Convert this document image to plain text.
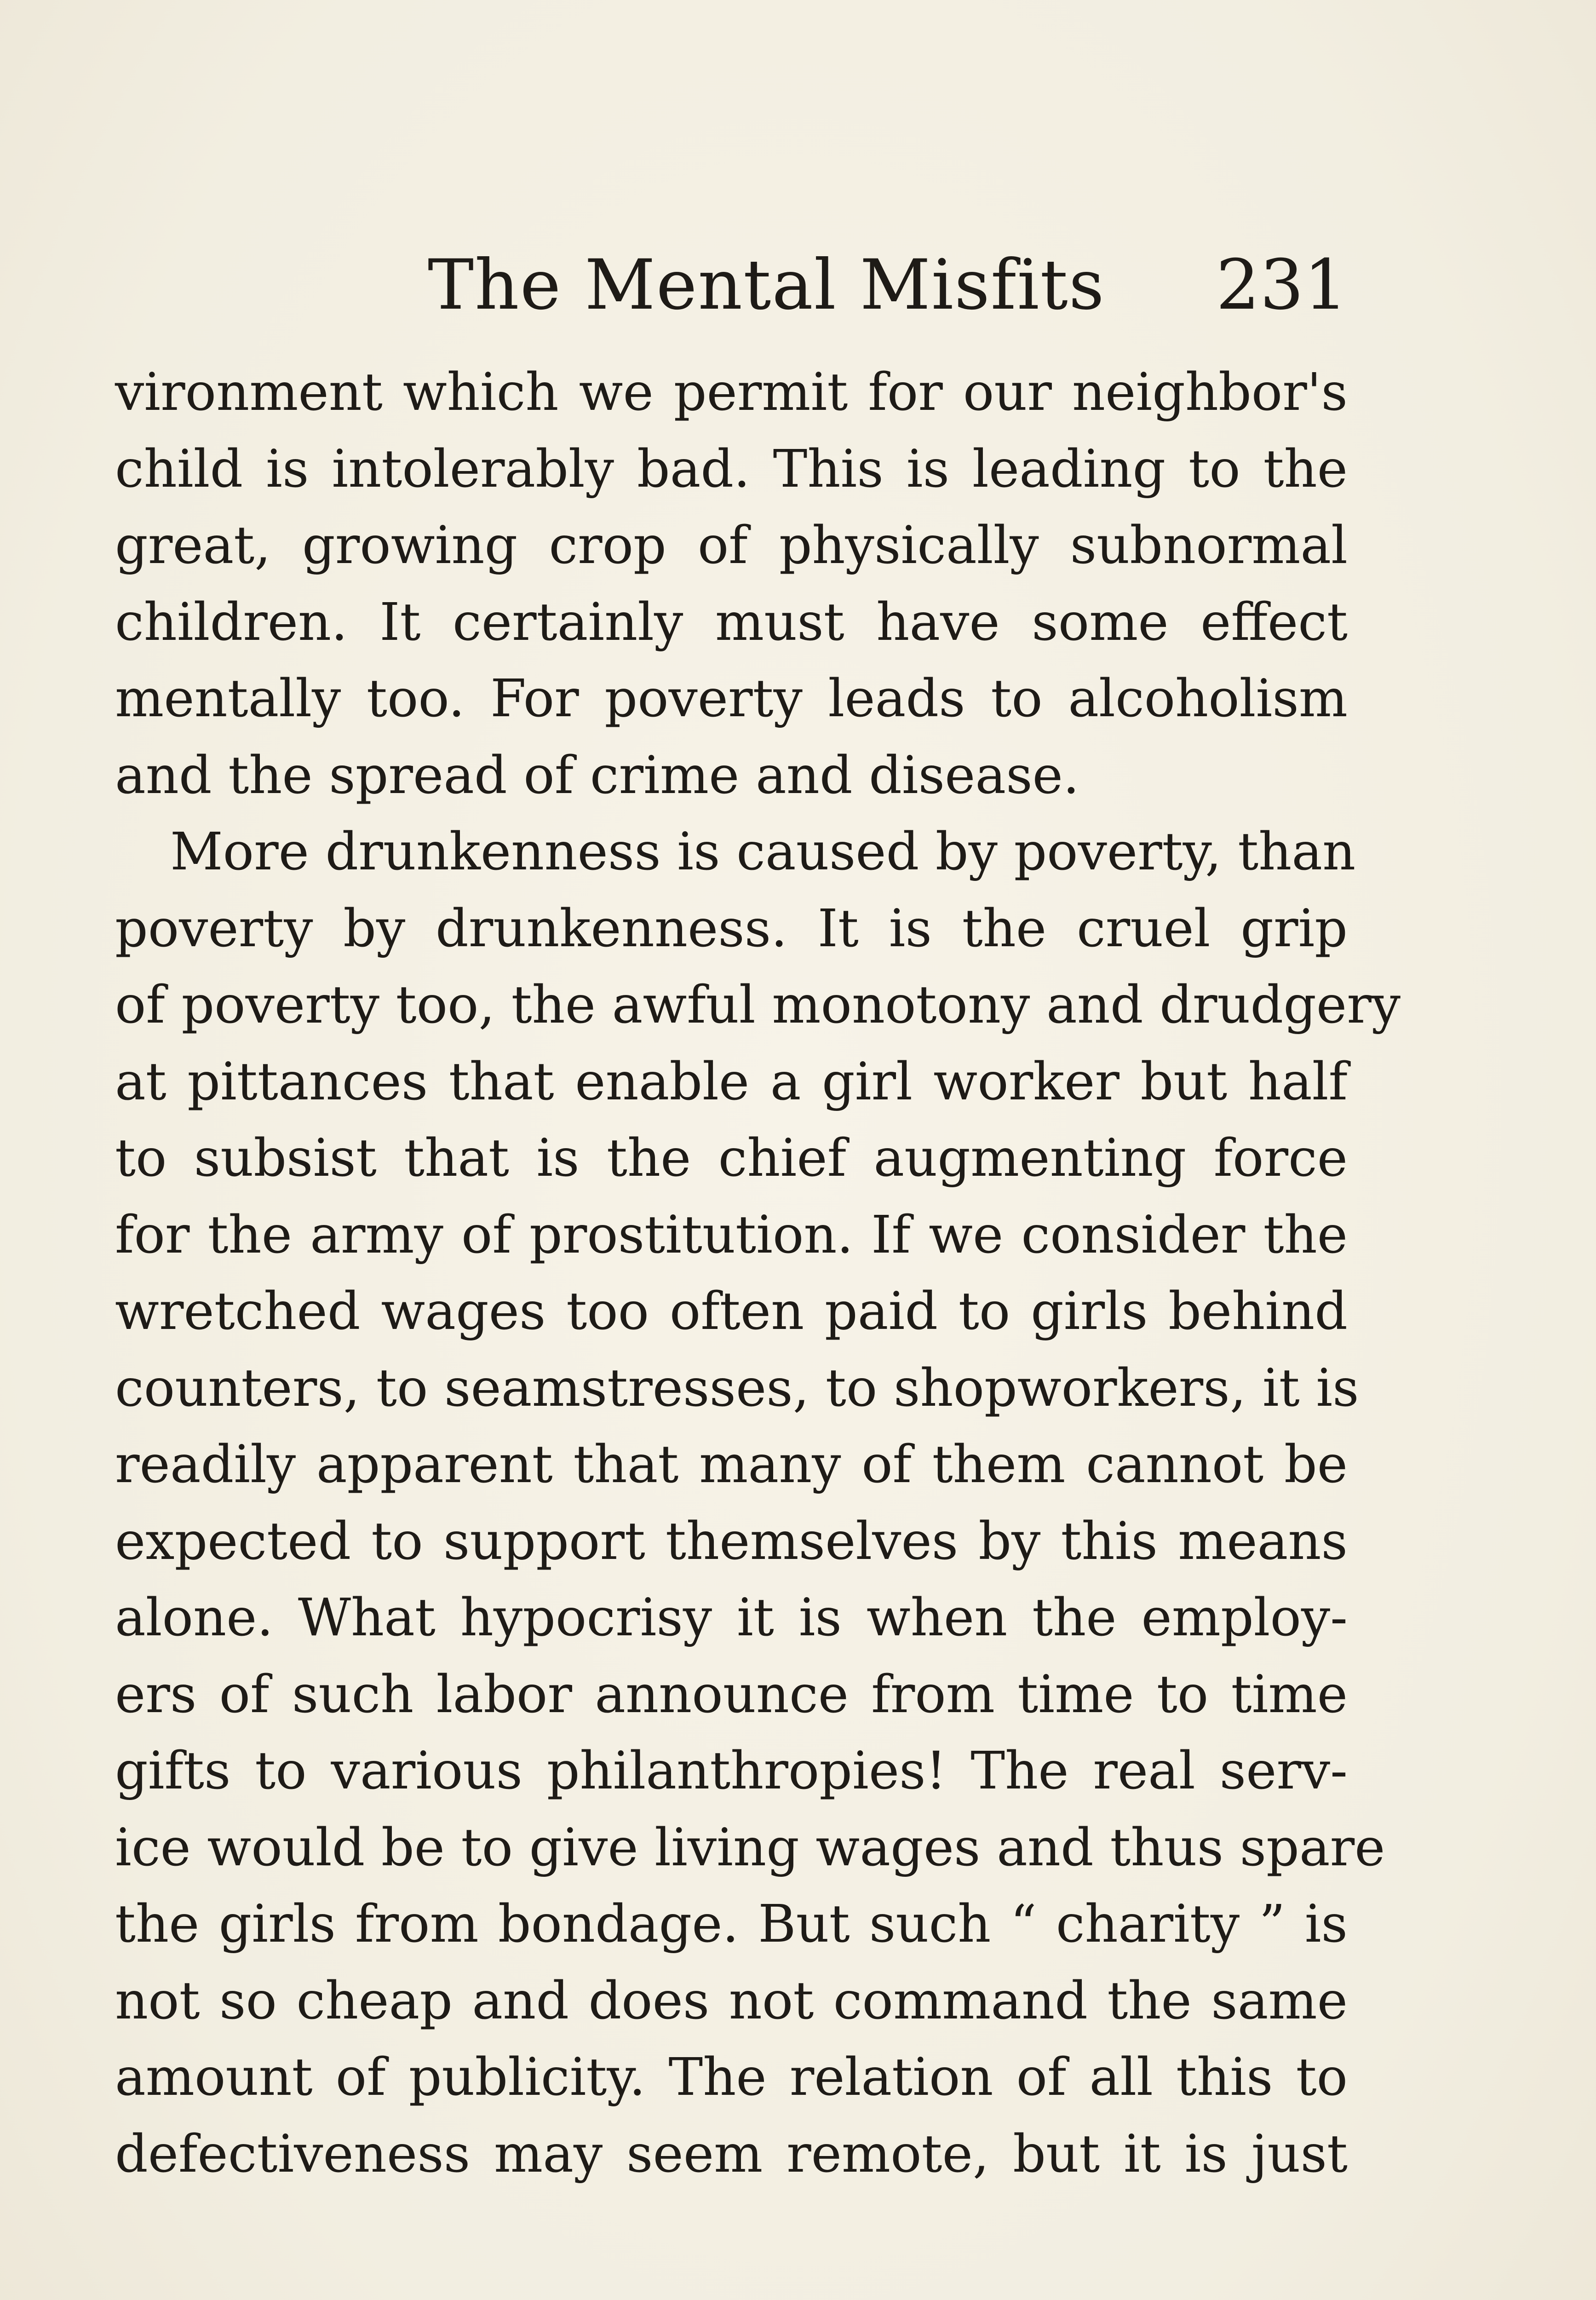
The Mental Misfits 231
vironment which we permit for our neighbor's
child is intolerably bad. This is leading to the
great, growing crop of physically subnormal
children. It certainly must have some effect
mentally too. For poverty leads to alcoholism
and the spread of crime and disease.
More drunkenness is caused by poverty, than
poverty by drunkenness. It is the cruel grip
of poverty too, the awful monotony and drudgery
at pittances that enable a girl worker but half
to subsist that is the chief augmenting force
for the army of prostitution. If we consider the
wretched wages too often paid to girls behind
counters, to seamstresses, to shopworkers, it is
readily apparent that many of them cannot be
expected to support themselves by this means
alone. What hypocrisy it is when the employ-
ers of such labor announce from time to time
gifts to various philanthropies! The real serv-
ice would be to give living wages and thus spare
the girls from bondage. But such “ charity ” is
not so cheap and does not command the same
amount of publicity. The relation of all this to
defectiveness may seem remote, but it is just
